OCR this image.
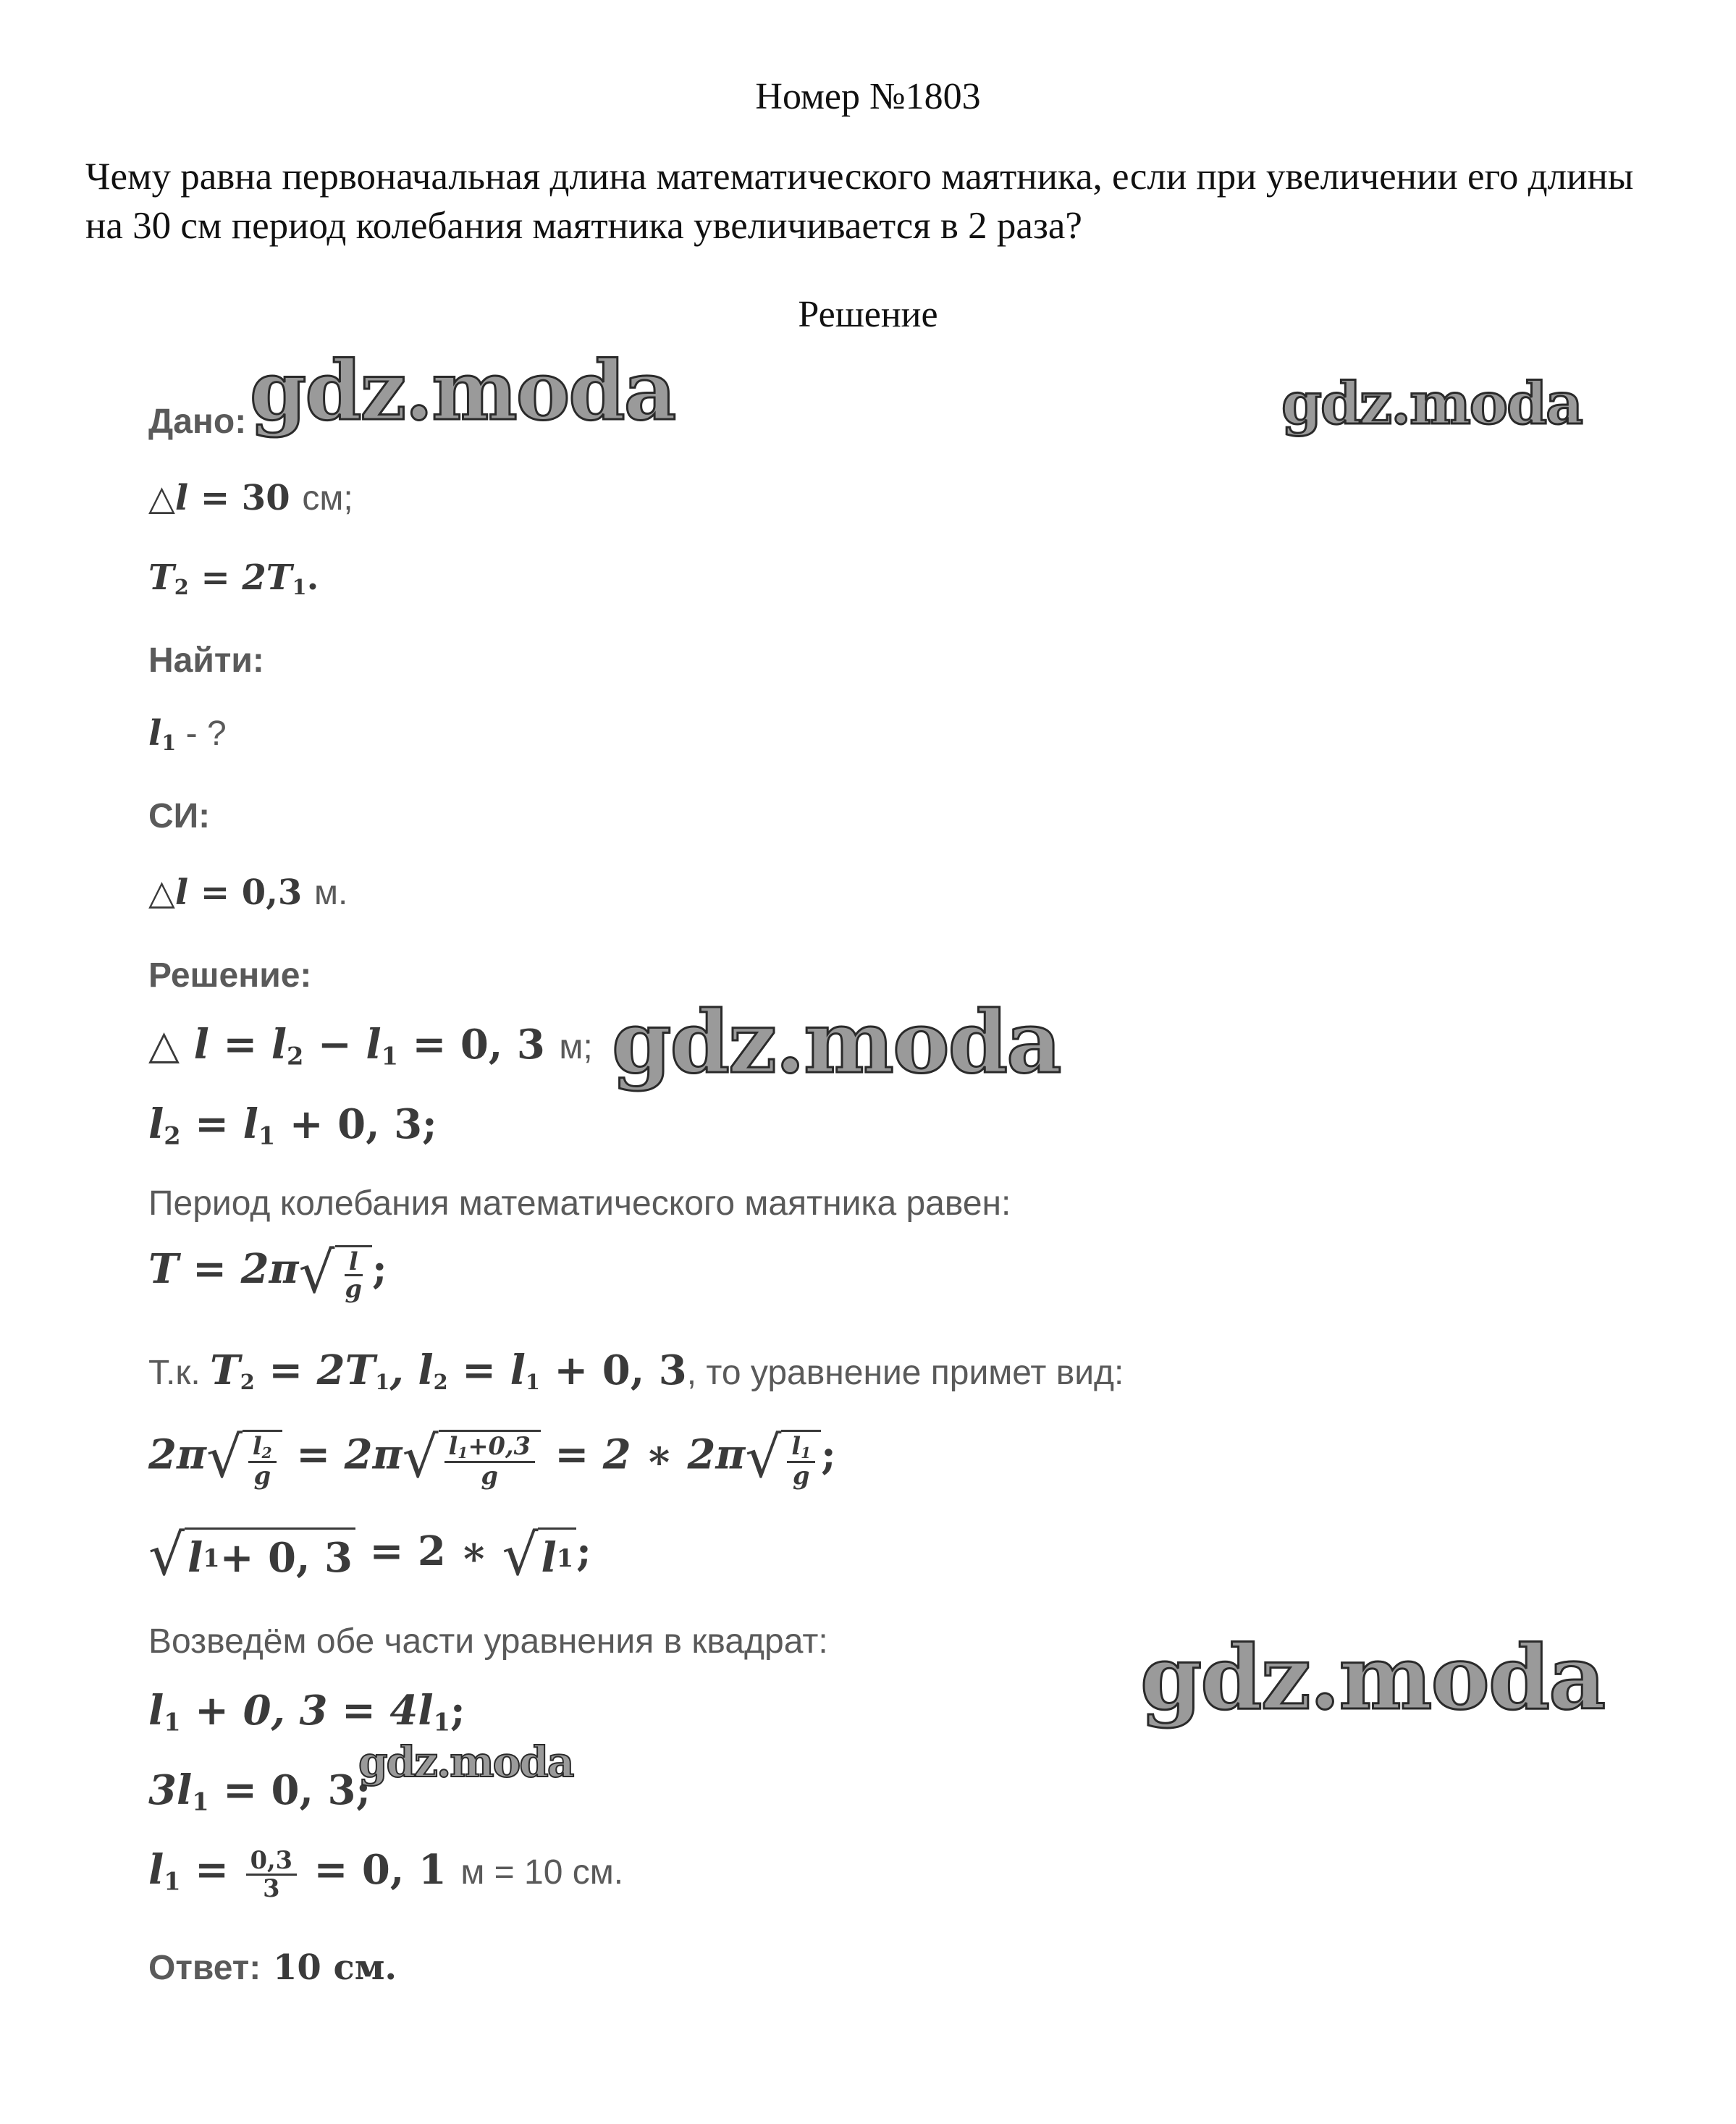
Номер №1803
Чему равна первоначальная длина математического маятника, если при увеличении его длины на 30 см период колебания маятника увеличивается в 2 раза?
Решение
Дано:
△l = 30 см;
$T_2 = 2T_1$.
Найти:
$l_1$ - ?
СИ:
△l = 0,3 м.
Решение:
△ $l = l_2 - l_1 = 0$, 3 м;
$l_2 = l_1 + 0$, 3;
Период колебания математического маятника равен:
T = 2π √ $\frac{l}{g}$ ;
Т.к. $T_2 = 2T_1$, $l_2 = l_1 + 0$, 3, то уравнение примет вид:
2π √ $\frac{l_2}{g} = 2\pi$ √ $\frac{l_1+0,3}{g} = 2$ ∗ 2π √ $\frac{l_1}{g}$ ;
√ l 1 + 0, 3 = 2 ∗ √ l 1 ;
Возведём обе части уравнения в квадрат:
$l_1 + 0$, $3 = 4l_1$;
$3l_1 = 0$, 3;
$l_1 = \frac{0,3}{3} = 0$, 1 м = 10 см.
Ответ: 10 см.
gdz.moda	gdz.moda
gdz.moda
gdz.moda
gdz.moda
